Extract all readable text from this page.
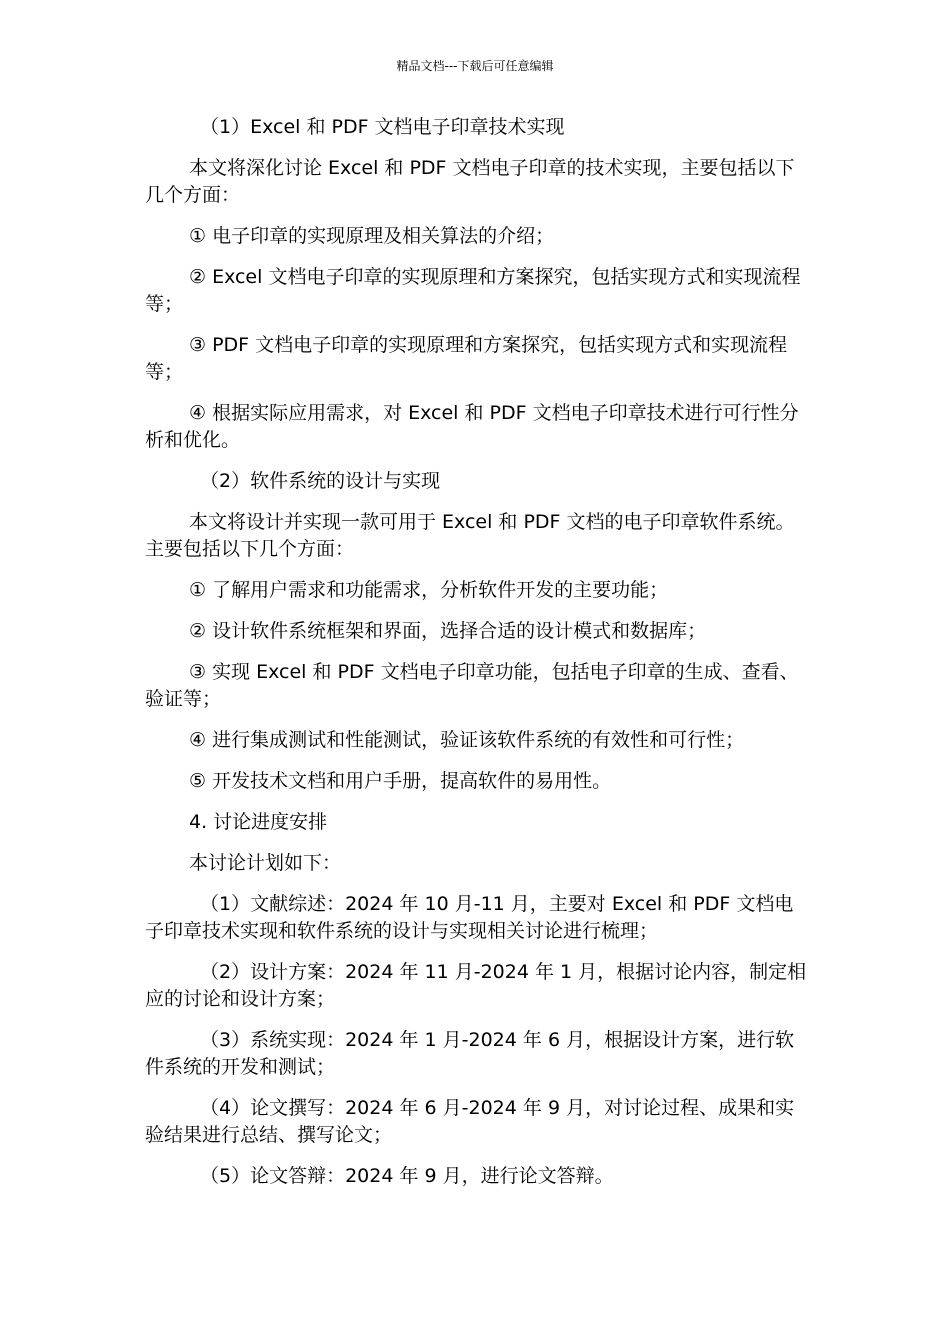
精品文档---下载后可任意编辑

（1）Excel 和 PDF 文档电子印章技术实现

本文将深化讨论 Excel 和 PDF 文档电子印章的技术实现，主要包括以下几个方面：

① 电子印章的实现原理及相关算法的介绍；

② Excel 文档电子印章的实现原理和方案探究，包括实现方式和实现流程等；

③ PDF 文档电子印章的实现原理和方案探究，包括实现方式和实现流程等；

④ 根据实际应用需求，对 Excel 和 PDF 文档电子印章技术进行可行性分析和优化。

（2）软件系统的设计与实现

本文将设计并实现一款可用于 Excel 和 PDF 文档的电子印章软件系统。主要包括以下几个方面：

① 了解用户需求和功能需求，分析软件开发的主要功能；

② 设计软件系统框架和界面，选择合适的设计模式和数据库；

③ 实现 Excel 和 PDF 文档电子印章功能，包括电子印章的生成、查看、验证等；

④ 进行集成测试和性能测试，验证该软件系统的有效性和可行性；

⑤ 开发技术文档和用户手册，提高软件的易用性。

4. 讨论进度安排

本讨论计划如下：

（1）文献综述：2024 年 10 月-11 月，主要对 Excel 和 PDF 文档电子印章技术实现和软件系统的设计与实现相关讨论进行梳理；

（2）设计方案：2024 年 11 月-2024 年 1 月，根据讨论内容，制定相应的讨论和设计方案；

（3）系统实现：2024 年 1 月-2024 年 6 月，根据设计方案，进行软件系统的开发和测试；

（4）论文撰写：2024 年 6 月-2024 年 9 月，对讨论过程、成果和实验结果进行总结、撰写论文；

（5）论文答辩：2024 年 9 月，进行论文答辩。
